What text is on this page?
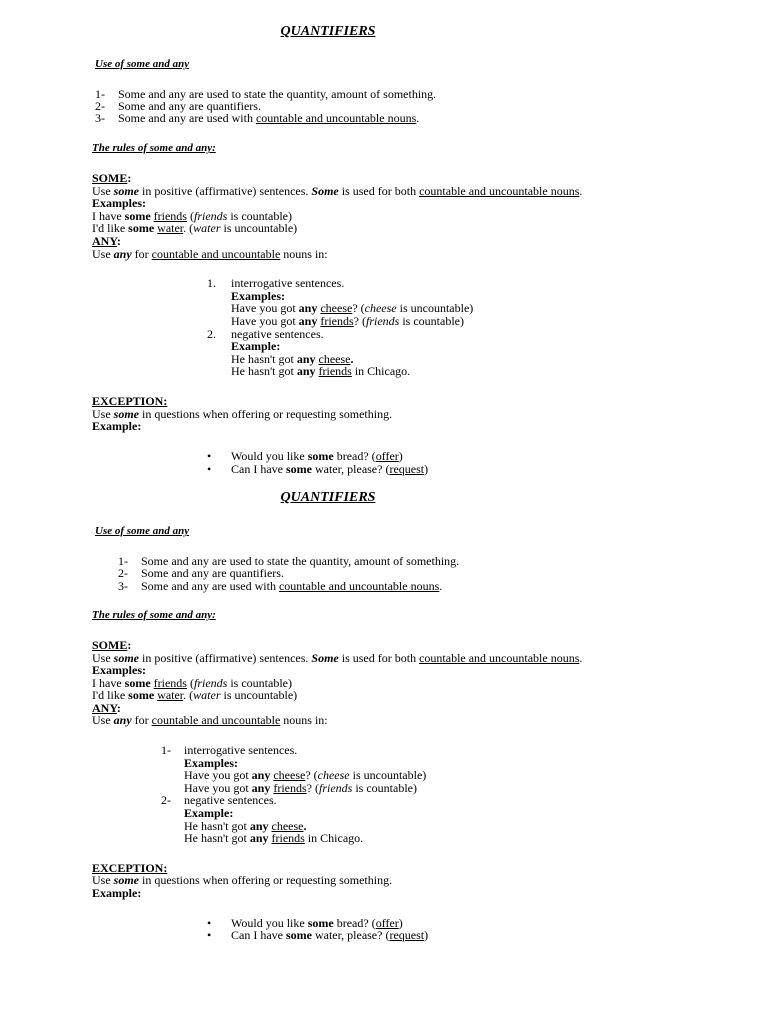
QUANTIFIERS
Use of some and any
1- Some and any are used to state the quantity, amount of something.
2- Some and any are quantifiers.
3- Some and any are used with countable and uncountable nouns.
The rules of some and any:
SOME:
Use some in positive (affirmative) sentences. Some is used for both countable and uncountable nouns.
Examples:
I have some friends (friends is countable)
I'd like some water. (water is uncountable)
ANY:
Use any for countable and uncountable nouns in:
1. interrogative sentences.
Examples:
Have you got any cheese? (cheese is uncountable)
Have you got any friends? (friends is countable)
2. negative sentences.
Example:
He hasn't got any cheese.
He hasn't got any friends in Chicago.
EXCEPTION:
Use some in questions when offering or requesting something.
Example:
• Would you like some bread? (offer)
• Can I have some water, please? (request)
QUANTIFIERS
Use of some and any
1- Some and any are used to state the quantity, amount of something.
2- Some and any are quantifiers.
3- Some and any are used with countable and uncountable nouns.
The rules of some and any:
SOME:
Use some in positive (affirmative) sentences. Some is used for both countable and uncountable nouns.
Examples:
I have some friends (friends is countable)
I'd like some water. (water is uncountable)
ANY:
Use any for countable and uncountable nouns in:
1- interrogative sentences.
Examples:
Have you got any cheese? (cheese is uncountable)
Have you got any friends? (friends is countable)
2- negative sentences.
Example:
He hasn't got any cheese.
He hasn't got any friends in Chicago.
EXCEPTION:
Use some in questions when offering or requesting something.
Example:
• Would you like some bread? (offer)
• Can I have some water, please? (request)
